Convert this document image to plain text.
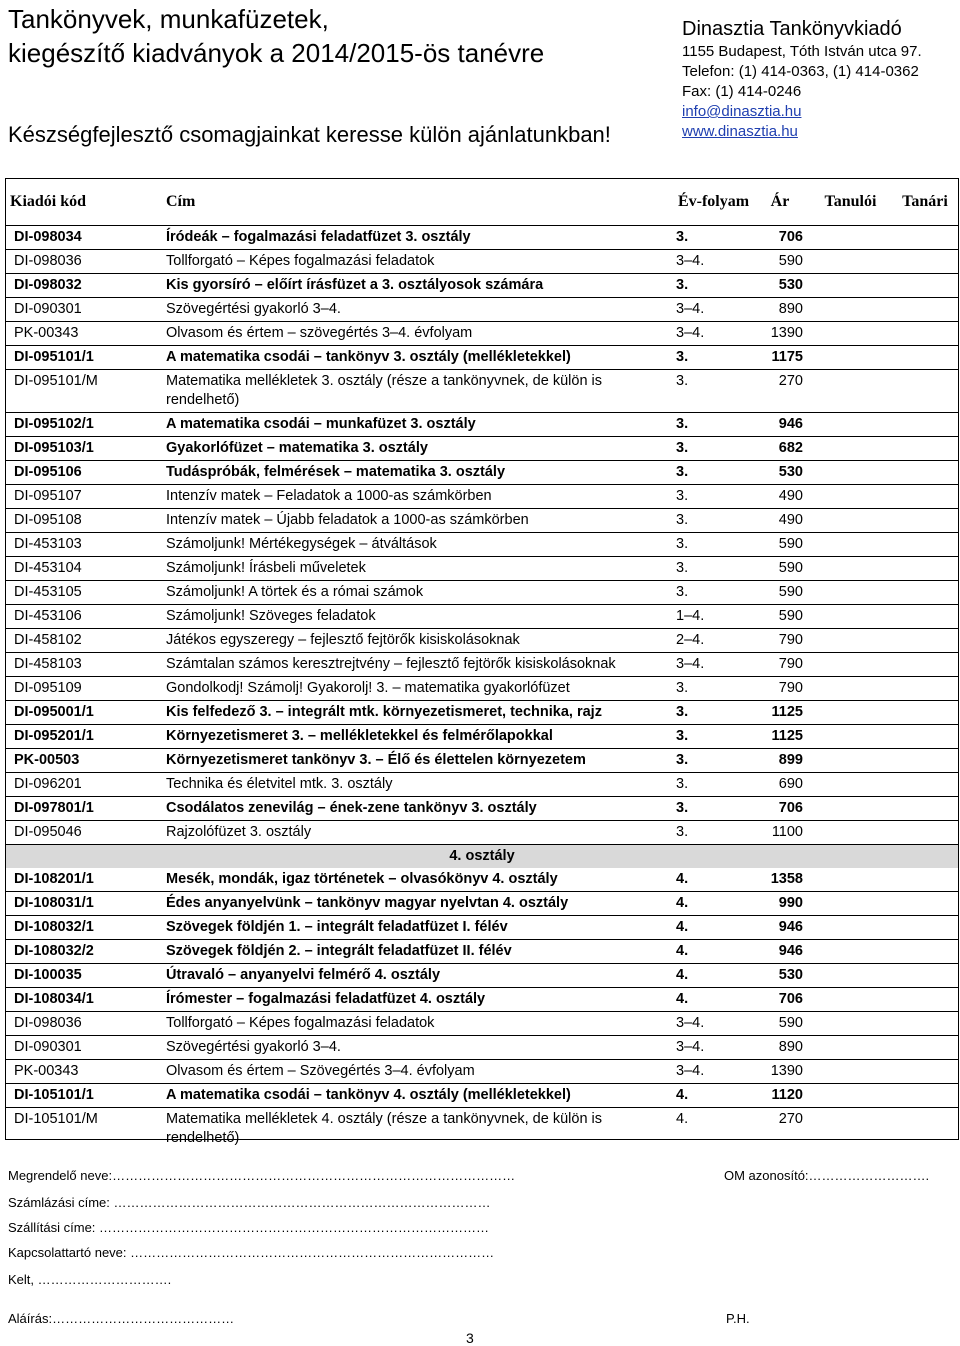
Tankönyvek, munkafüzetek,
kiegészítő kiadványok a 2014/2015-ös tanévre
Készségfejlesztő csomagjainkat keresse külön ajánlatunkban!
Dinasztia Tankönyvkiadó
1155 Budapest, Tóth István utca 97.
Telefon: (1) 414-0363, (1) 414-0362
Fax: (1) 414-0246
info@dinasztia.hu
www.dinasztia.hu
Kiadói kód	Cím	Év-folyam	Ár	Tanulói	Tanári
DI-098034	Íródeák – fogalmazási feladatfüzet 3. osztály	3.	706		
DI-098036	Tollforgató – Képes fogalmazási feladatok	3–4.	590		
DI-098032	Kis gyorsíró – előírt írásfüzet a 3. osztályosok számára	3.	530		
DI-090301	Szövegértési gyakorló 3–4.	3–4.	890		
PK-00343	Olvasom és értem – szövegértés 3–4. évfolyam	3–4.	1390		
DI-095101/1	A matematika csodái – tankönyv 3. osztály (mellékletekkel)	3.	1175		
DI-095101/M	Matematika mellékletek 3. osztály (része a tankönyvnek, de külön is rendelhető)	3.	270		
DI-095102/1	A matematika csodái – munkafüzet 3. osztály	3.	946		
DI-095103/1	Gyakorlófüzet – matematika 3. osztály	3.	682		
DI-095106	Tudáspróbák, felmérések – matematika 3. osztály	3.	530		
DI-095107	Intenzív matek – Feladatok a 1000-as számkörben	3.	490		
DI-095108	Intenzív matek – Újabb feladatok a 1000-as számkörben	3.	490		
DI-453103	Számoljunk! Mértékegységek – átváltások	3.	590		
DI-453104	Számoljunk! Írásbeli műveletek	3.	590		
DI-453105	Számoljunk! A törtek és a római számok	3.	590		
DI-453106	Számoljunk! Szöveges feladatok	1–4.	590		
DI-458102	Játékos egyszeregy – fejlesztő fejtörők kisiskolásoknak	2–4.	790		
DI-458103	Számtalan számos keresztrejtvény – fejlesztő fejtörők kisiskolásoknak	3–4.	790		
DI-095109	Gondolkodj! Számolj! Gyakorolj! 3. – matematika gyakorlófüzet	3.	790		
DI-095001/1	Kis felfedező 3. – integrált mtk. környezetismeret, technika, rajz	3.	1125		
DI-095201/1	Környezetismeret 3. – mellékletekkel és felmérőlapokkal	3.	1125		
PK-00503	Környezetismeret tankönyv 3. – Élő és élettelen környezetem	3.	899		
DI-096201	Technika és életvitel mtk. 3. osztály	3.	690		
DI-097801/1	Csodálatos zenevilág – ének-zene tankönyv 3. osztály	3.	706		
DI-095046	Rajzolófüzet 3. osztály	3.	1100		
4. osztály					
DI-108201/1	Mesék, mondák, igaz történetek – olvasókönyv 4. osztály	4.	1358		
DI-108031/1	Édes anyanyelvünk – tankönyv magyar nyelvtan 4. osztály	4.	990		
DI-108032/1	Szövegek földjén 1. – integrált feladatfüzet I. félév	4.	946		
DI-108032/2	Szövegek földjén 2. – integrált feladatfüzet II. félév	4.	946		
DI-100035	Útravaló – anyanyelvi felmérő 4. osztály	4.	530		
DI-108034/1	Írómester – fogalmazási feladatfüzet 4. osztály	4.	706		
DI-098036	Tollforgató – Képes fogalmazási feladatok	3–4.	590		
DI-090301	Szövegértési gyakorló 3–4.	3–4.	890		
PK-00343	Olvasom és értem – Szövegértés 3–4. évfolyam	3–4.	1390		
DI-105101/1	A matematika csodái – tankönyv 4. osztály (mellékletekkel)	4.	1120		
DI-105101/M	Matematika mellékletek 4. osztály (része a tankönyvnek, de külön is rendelhető)	4.	270		
Megrendelő neve:…………………………………………………………………………………	OM azonosító:……………………….
Számlázási címe: ……………………………………………………………………………
Szállítási címe: ………………………………………………………………………………
Kapcsolattartó neve: …………………………………………………………………………
Kelt, ………………………….
Aláírás:……………………………………	P.H.
3
